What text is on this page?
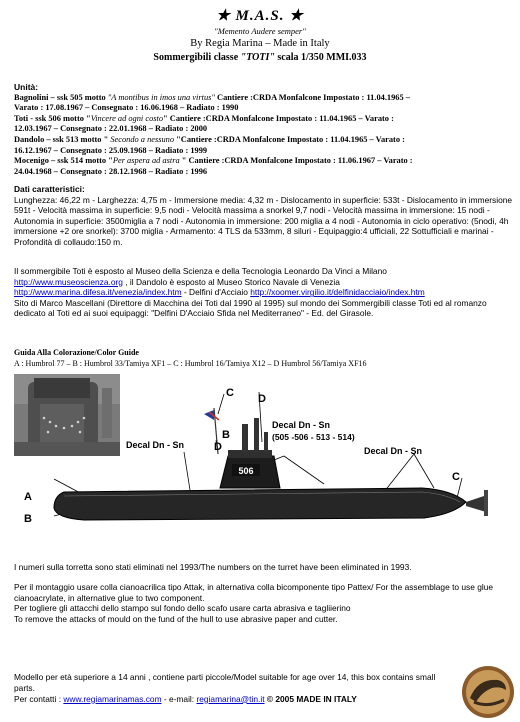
★ M.A.S. ★
"Memento Audere semper"
By Regia Marina – Made in Italy
Sommergibili classe "TOTI" scala 1/350 MMI.033
Unità:
Bagnolini – ssk 505 motto "A montibus in imos una virtus" Cantiere :CRDA Monfalcone Impostato : 11.04.1965 –
Varato : 17.08.1967 – Consegnato : 16.06.1968 – Radiato : 1990
Toti - ssk 506 motto "Vincere ad ogni costo" Cantiere :CRDA Monfalcone Impostato : 11.04.1965 – Varato :
12.03.1967 – Consegnato : 22.01.1968 – Radiato : 2000
Dandolo – ssk 513 motto " Secondo a nessuno "Cantiere :CRDA Monfalcone Impostato : 11.04.1965 – Varato :
16.12.1967 – Consegnato : 25.09.1968 – Radiato : 1999
Mocenigo – ssk 514 motto "Per aspera ad astra " Cantiere :CRDA Monfalcone Impostato : 11.06.1967 – Varato :
24.04.1968 – Consegnato : 28.12.1968 – Radiato : 1996
Dati caratteristici:
Lunghezza: 46,22 m - Larghezza: 4,75 m - Immersione media: 4,32 m - Dislocamento in superficie: 533t - Dislocamento in immersione 591t - Velocità massima in superficie: 9,5 nodi - Velocità massima a snorkel 9,7 nodi - Velocità massima in immersione: 15 nodi - Autonomia in superficie: 3500miglia a 7 nodi - Autonomia in immersione: 200 miglia a 4 nodi - Autonomia in ciclo operativo: (5nodi, 4h immersione +2 ore snorkel): 3700 miglia - Armamento: 4 TLS da 533mm, 8 siluri - Equipaggio:4 ufficiali, 22 Sottufficiali e marinai - Profondità di collaudo:150 m.
Il sommergibile Toti è esposto al Museo della Scienza e della Tecnologia Leonardo Da Vinci a Milano
http://www.museoscienza.org , il Dandolo è esposto al Museo Storico Navale di Venezia
http://www.marina.difesa.it/venezia/index.htm - Delfini d'Acciaio http://xoomer.virgilio.it/delfinidacciaio/index.htm
Sito di Marco Mascellani (Direttore di Macchina dei Toti dal 1990 al 1995) sul mondo dei Sommergibili classe Toti ed al romanzo dedicato al Toti ed ai suoi equipaggi: "Delfini D'Acciaio Sfida nel Mediterraneo" - Ed. del Girasole.
Guida Alla Colorazione/Color Guide
A : Humbrol 77 – B : Humbrol 33/Tamiya XF1 – C : Humbrol 16/Tamiya X12 – D Humbrol 56/Tamiya XF16
506
A
B
C
B
D
D
C
Decal Dn - Sn
Decal Dn - Sn
(505 -506 - 513 - 514)
Decal Dn - Sn
I numeri sulla torretta sono stati eliminati nel 1993/The numbers on the turret have been eliminated in 1993.
Per il montaggio usare colla cianoacrilica tipo Attak, in alternativa colla bicomponente tipo Pattex/ For the assemblage to use glue cianoacrylate, in alternative glue to two component.
Per togliere gli attacchi dello stampo sul fondo dello scafo usare carta abrasiva e tagliierino
To remove the attacks of mould on the fund of the hull to use abrasive paper and cutter.
Modello per età superiore a 14 anni , contiene parti piccole/Model suitable for age over 14, this box contains small parts.
Per contatti : www.regiamarinamas.com - e-mail: regiamarina@tin.it © 2005 MADE IN ITALY
